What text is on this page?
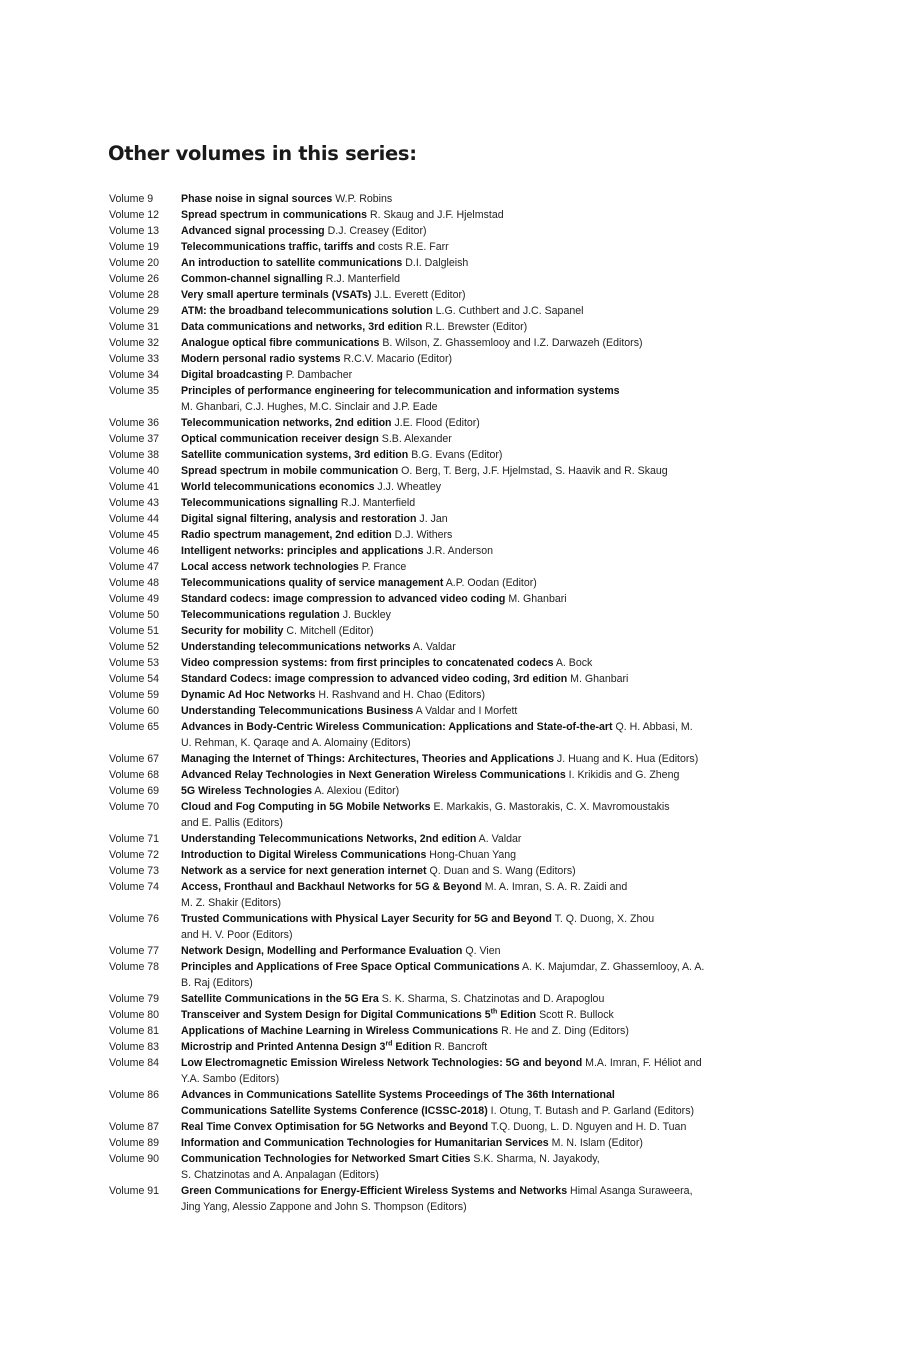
Other volumes in this series:
Volume 9	Phase noise in signal sources W.P. Robins
Volume 12	Spread spectrum in communications R. Skaug and J.F. Hjelmstad
Volume 13	Advanced signal processing D.J. Creasey (Editor)
Volume 19	Telecommunications traffic, tariffs and costs R.E. Farr
Volume 20	An introduction to satellite communications D.I. Dalgleish
Volume 26	Common-channel signalling R.J. Manterfield
Volume 28	Very small aperture terminals (VSATs) J.L. Everett (Editor)
Volume 29	ATM: the broadband telecommunications solution L.G. Cuthbert and J.C. Sapanel
Volume 31	Data communications and networks, 3rd edition R.L. Brewster (Editor)
Volume 32	Analogue optical fibre communications B. Wilson, Z. Ghassemlooy and I.Z. Darwazeh (Editors)
Volume 33	Modern personal radio systems R.C.V. Macario (Editor)
Volume 34	Digital broadcasting P. Dambacher
Volume 35	Principles of performance engineering for telecommunication and information systems
M. Ghanbari, C.J. Hughes, M.C. Sinclair and J.P. Eade
Volume 36	Telecommunication networks, 2nd edition J.E. Flood (Editor)
Volume 37	Optical communication receiver design S.B. Alexander
Volume 38	Satellite communication systems, 3rd edition B.G. Evans (Editor)
Volume 40	Spread spectrum in mobile communication O. Berg, T. Berg, J.F. Hjelmstad, S. Haavik and R. Skaug
Volume 41	World telecommunications economics J.J. Wheatley
Volume 43	Telecommunications signalling R.J. Manterfield
Volume 44	Digital signal filtering, analysis and restoration J. Jan
Volume 45	Radio spectrum management, 2nd edition D.J. Withers
Volume 46	Intelligent networks: principles and applications J.R. Anderson
Volume 47	Local access network technologies P. France
Volume 48	Telecommunications quality of service management A.P. Oodan (Editor)
Volume 49	Standard codecs: image compression to advanced video coding M. Ghanbari
Volume 50	Telecommunications regulation J. Buckley
Volume 51	Security for mobility C. Mitchell (Editor)
Volume 52	Understanding telecommunications networks A. Valdar
Volume 53	Video compression systems: from first principles to concatenated codecs A. Bock
Volume 54	Standard Codecs: image compression to advanced video coding, 3rd edition M. Ghanbari
Volume 59	Dynamic Ad Hoc Networks H. Rashvand and H. Chao (Editors)
Volume 60	Understanding Telecommunications Business A Valdar and I Morfett
Volume 65	Advances in Body-Centric Wireless Communication: Applications and State-of-the-art Q. H. Abbasi, M.
U. Rehman, K. Qaraqe and A. Alomainy (Editors)
Volume 67	Managing the Internet of Things: Architectures, Theories and Applications J. Huang and K. Hua (Editors)
Volume 68	Advanced Relay Technologies in Next Generation Wireless Communications I. Krikidis and G. Zheng
Volume 69	5G Wireless Technologies A. Alexiou (Editor)
Volume 70	Cloud and Fog Computing in 5G Mobile Networks E. Markakis, G. Mastorakis, C. X. Mavromoustakis
and E. Pallis (Editors)
Volume 71	Understanding Telecommunications Networks, 2nd edition A. Valdar
Volume 72	Introduction to Digital Wireless Communications Hong-Chuan Yang
Volume 73	Network as a service for next generation internet Q. Duan and S. Wang (Editors)
Volume 74	Access, Fronthaul and Backhaul Networks for 5G & Beyond M. A. Imran, S. A. R. Zaidi and
M. Z. Shakir (Editors)
Volume 76	Trusted Communications with Physical Layer Security for 5G and Beyond T. Q. Duong, X. Zhou
and H. V. Poor (Editors)
Volume 77	Network Design, Modelling and Performance Evaluation Q. Vien
Volume 78	Principles and Applications of Free Space Optical Communications A. K. Majumdar, Z. Ghassemlooy, A. A.
B. Raj (Editors)
Volume 79	Satellite Communications in the 5G Era S. K. Sharma, S. Chatzinotas and D. Arapoglou
Volume 80	Transceiver and System Design for Digital Communications 5th Edition Scott R. Bullock
Volume 81	Applications of Machine Learning in Wireless Communications R. He and Z. Ding (Editors)
Volume 83	Microstrip and Printed Antenna Design 3rd Edition R. Bancroft
Volume 84	Low Electromagnetic Emission Wireless Network Technologies: 5G and beyond M.A. Imran, F. Héliot and
Y.A. Sambo (Editors)
Volume 86	Advances in Communications Satellite Systems Proceedings of The 36th International
Communications Satellite Systems Conference (ICSSC-2018) I. Otung, T. Butash and P. Garland (Editors)
Volume 87	Real Time Convex Optimisation for 5G Networks and Beyond T.Q. Duong, L. D. Nguyen and H. D. Tuan
Volume 89	Information and Communication Technologies for Humanitarian Services M. N. Islam (Editor)
Volume 90	Communication Technologies for Networked Smart Cities S.K. Sharma, N. Jayakody,
S. Chatzinotas and A. Anpalagan (Editors)
Volume 91	Green Communications for Energy-Efficient Wireless Systems and Networks Himal Asanga Suraweera,
Jing Yang, Alessio Zappone and John S. Thompson (Editors)
